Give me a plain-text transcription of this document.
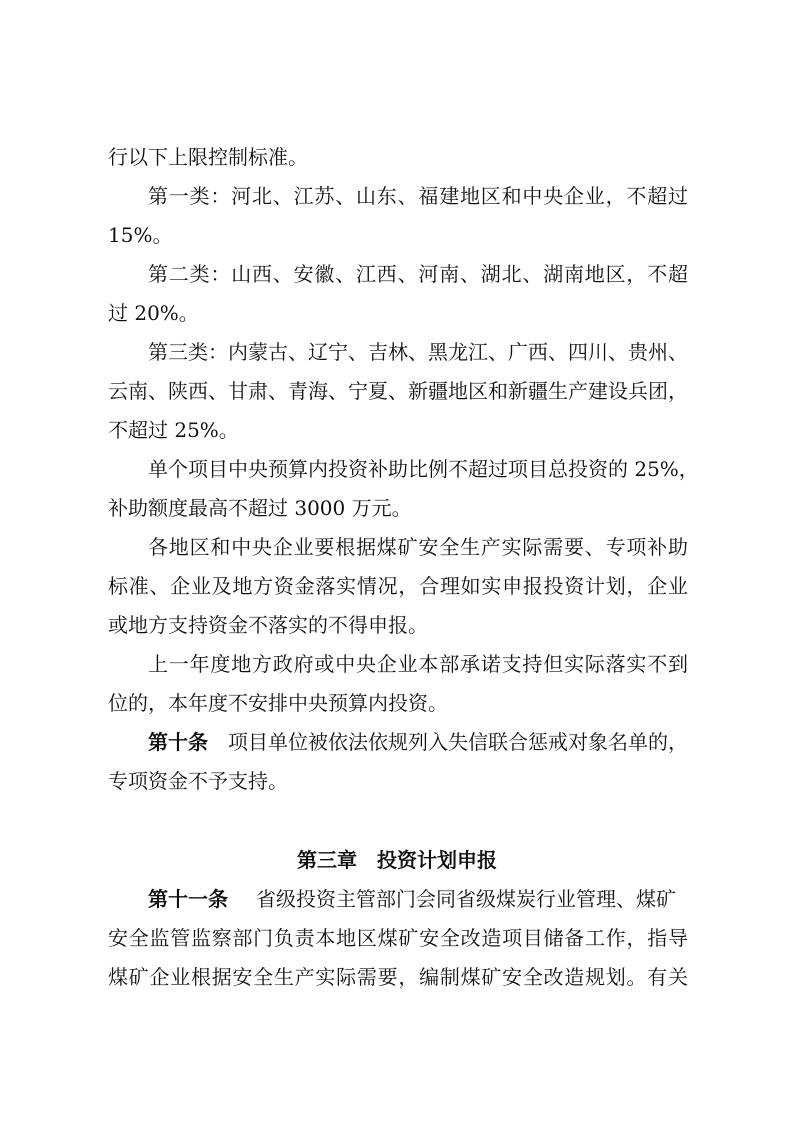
行以下上限控制标准。
第一类：河北、江苏、山东、福建地区和中央企业，不超过
15%。
第二类：山西、安徽、江西、河南、湖北、湖南地区，不超
过 20%。
第三类：内蒙古、辽宁、吉林、黑龙江、广西、四川、贵州、
云南、陕西、甘肃、青海、宁夏、新疆地区和新疆生产建设兵团，
不超过 25%。
单个项目中央预算内投资补助比例不超过项目总投资的 25%，
补助额度最高不超过 3000 万元。
各地区和中央企业要根据煤矿安全生产实际需要、专项补助
标准、企业及地方资金落实情况，合理如实申报投资计划，企业
或地方支持资金不落实的不得申报。
上一年度地方政府或中央企业本部承诺支持但实际落实不到
位的，本年度不安排中央预算内投资。
第十条 项目单位被依法依规列入失信联合惩戒对象名单的，
专项资金不予支持。
第三章　投资计划申报
第十一条 省级投资主管部门会同省级煤炭行业管理、煤矿
安全监管监察部门负责本地区煤矿安全改造项目储备工作，指导
煤矿企业根据安全生产实际需要，编制煤矿安全改造规划。有关
